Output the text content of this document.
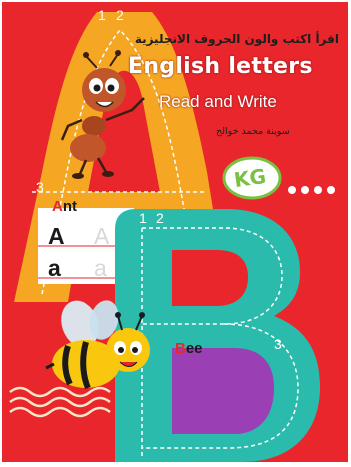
اقرأ اكتب والون الحروف الانجليزية
English letters
Read and Write
سوينة محمد خوالح
KG
1 2
3
1 2
3
Ant
A A
a a
Bee
